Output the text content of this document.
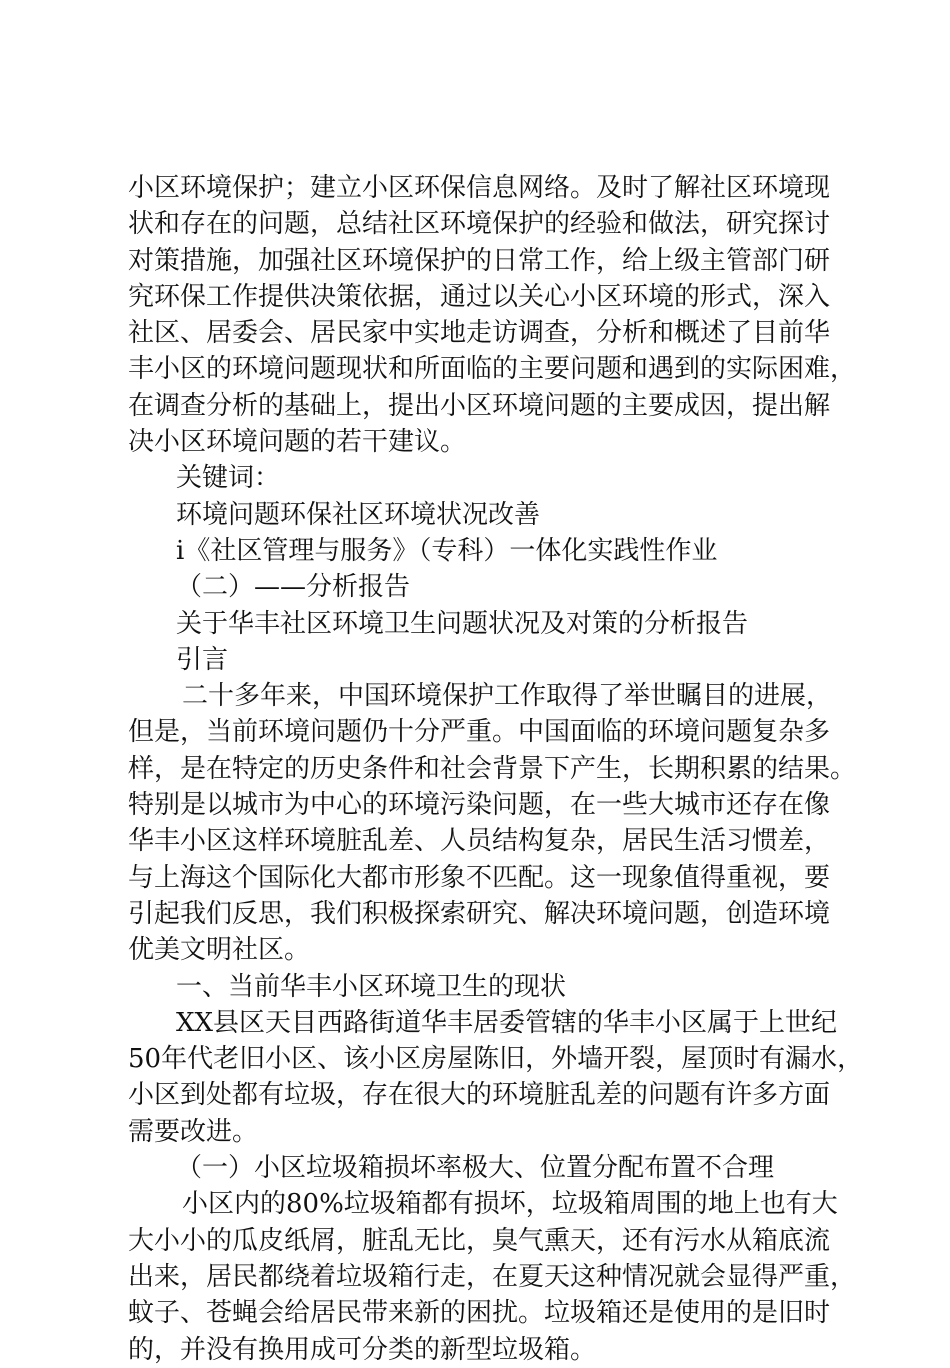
小区环境保护；建立小区环保信息网络。及时了解社区环境现
状和存在的问题，总结社区环境保护的经验和做法，研究探讨
对策措施，加强社区环境保护的日常工作，给上级主管部门研
究环保工作提供决策依据，通过以关心小区环境的形式，深入
社区、居委会、居民家中实地走访调查，分析和概述了目前华
丰小区的环境问题现状和所面临的主要问题和遇到的实际困难，
在调查分析的基础上，提出小区环境问题的主要成因，提出解
决小区环境问题的若干建议。
关键词：
环境问题环保社区环境状况改善
i《社区管理与服务》（专科）一体化实践性作业
（二）——分析报告
关于华丰社区环境卫生问题状况及对策的分析报告
引言
二十多年来，中国环境保护工作取得了举世瞩目的进展，
但是，当前环境问题仍十分严重。中国面临的环境问题复杂多
样，是在特定的历史条件和社会背景下产生，长期积累的结果。
特别是以城市为中心的环境污染问题，在一些大城市还存在像
华丰小区这样环境脏乱差、人员结构复杂，居民生活习惯差，
与上海这个国际化大都市形象不匹配。这一现象值得重视，要
引起我们反思，我们积极探索研究、解决环境问题，创造环境
优美文明社区。
一、当前华丰小区环境卫生的现状
XX县区天目西路街道华丰居委管辖的华丰小区属于上世纪
50年代老旧小区、该小区房屋陈旧，外墙开裂，屋顶时有漏水，
小区到处都有垃圾，存在很大的环境脏乱差的问题有许多方面
需要改进。
（一）小区垃圾箱损坏率极大、位置分配布置不合理
小区内的80%垃圾箱都有损坏，垃圾箱周围的地上也有大
大小小的瓜皮纸屑，脏乱无比，臭气熏天，还有污水从箱底流
出来，居民都绕着垃圾箱行走，在夏天这种情况就会显得严重，
蚊子、苍蝇会给居民带来新的困扰。垃圾箱还是使用的是旧时
的，并没有换用成可分类的新型垃圾箱。
